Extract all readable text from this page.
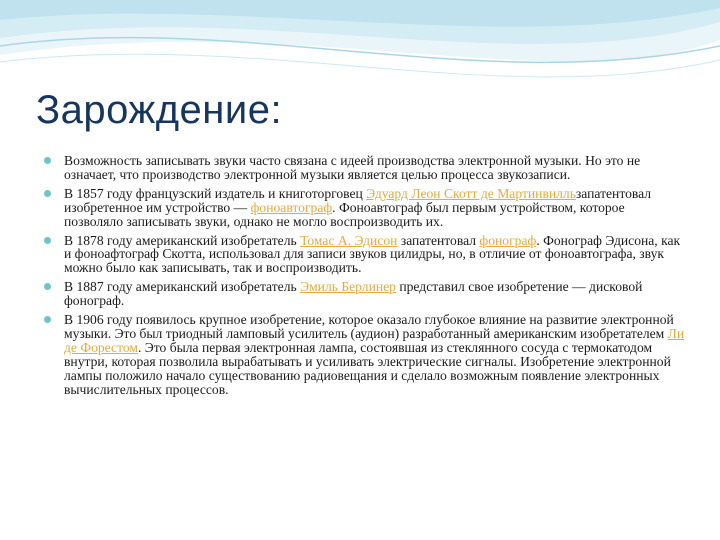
Зарождение:
Возможность записывать звуки часто связана с идеей производства электронной музыки. Но это не означает, что производство электронной музыки является целью процесса звукозаписи.
В 1857 году французский издатель и книготорговец Эдуард Леон Скотт де Мартинвилльзапатентовал изобретенное им устройство — фоноавтограф. Фоноавтограф был первым устройством, которое позволяло записывать звуки, однако не могло воспроизводить их.
В 1878 году американский изобретатель Томас А. Эдисон запатентовал фонограф. Фонограф Эдисона, как и фоноафтограф Скотта, использовал для записи звуков цилидры, но, в отличие от фоноавтографа, звук можно было как записывать, так и воспроизводить.
В 1887 году американский изобретатель Эмиль Берлинер представил свое изобретение — дисковой фонограф.
В 1906 году появилось крупное изобретение, которое оказало глубокое влияние на развитие электронной музыки. Это был триодный ламповый усилитель (аудион) разработанный американским изобретателем Ли де Форестом. Это была первая электронная лампа, состоявшая из стеклянного сосуда с термокатодом внутри, которая позволила вырабатывать и усиливать электрические сигналы. Изобретение электронной лампы положило начало существованию радиовещания и сделало возможным появление электронных вычислительных процессов.
